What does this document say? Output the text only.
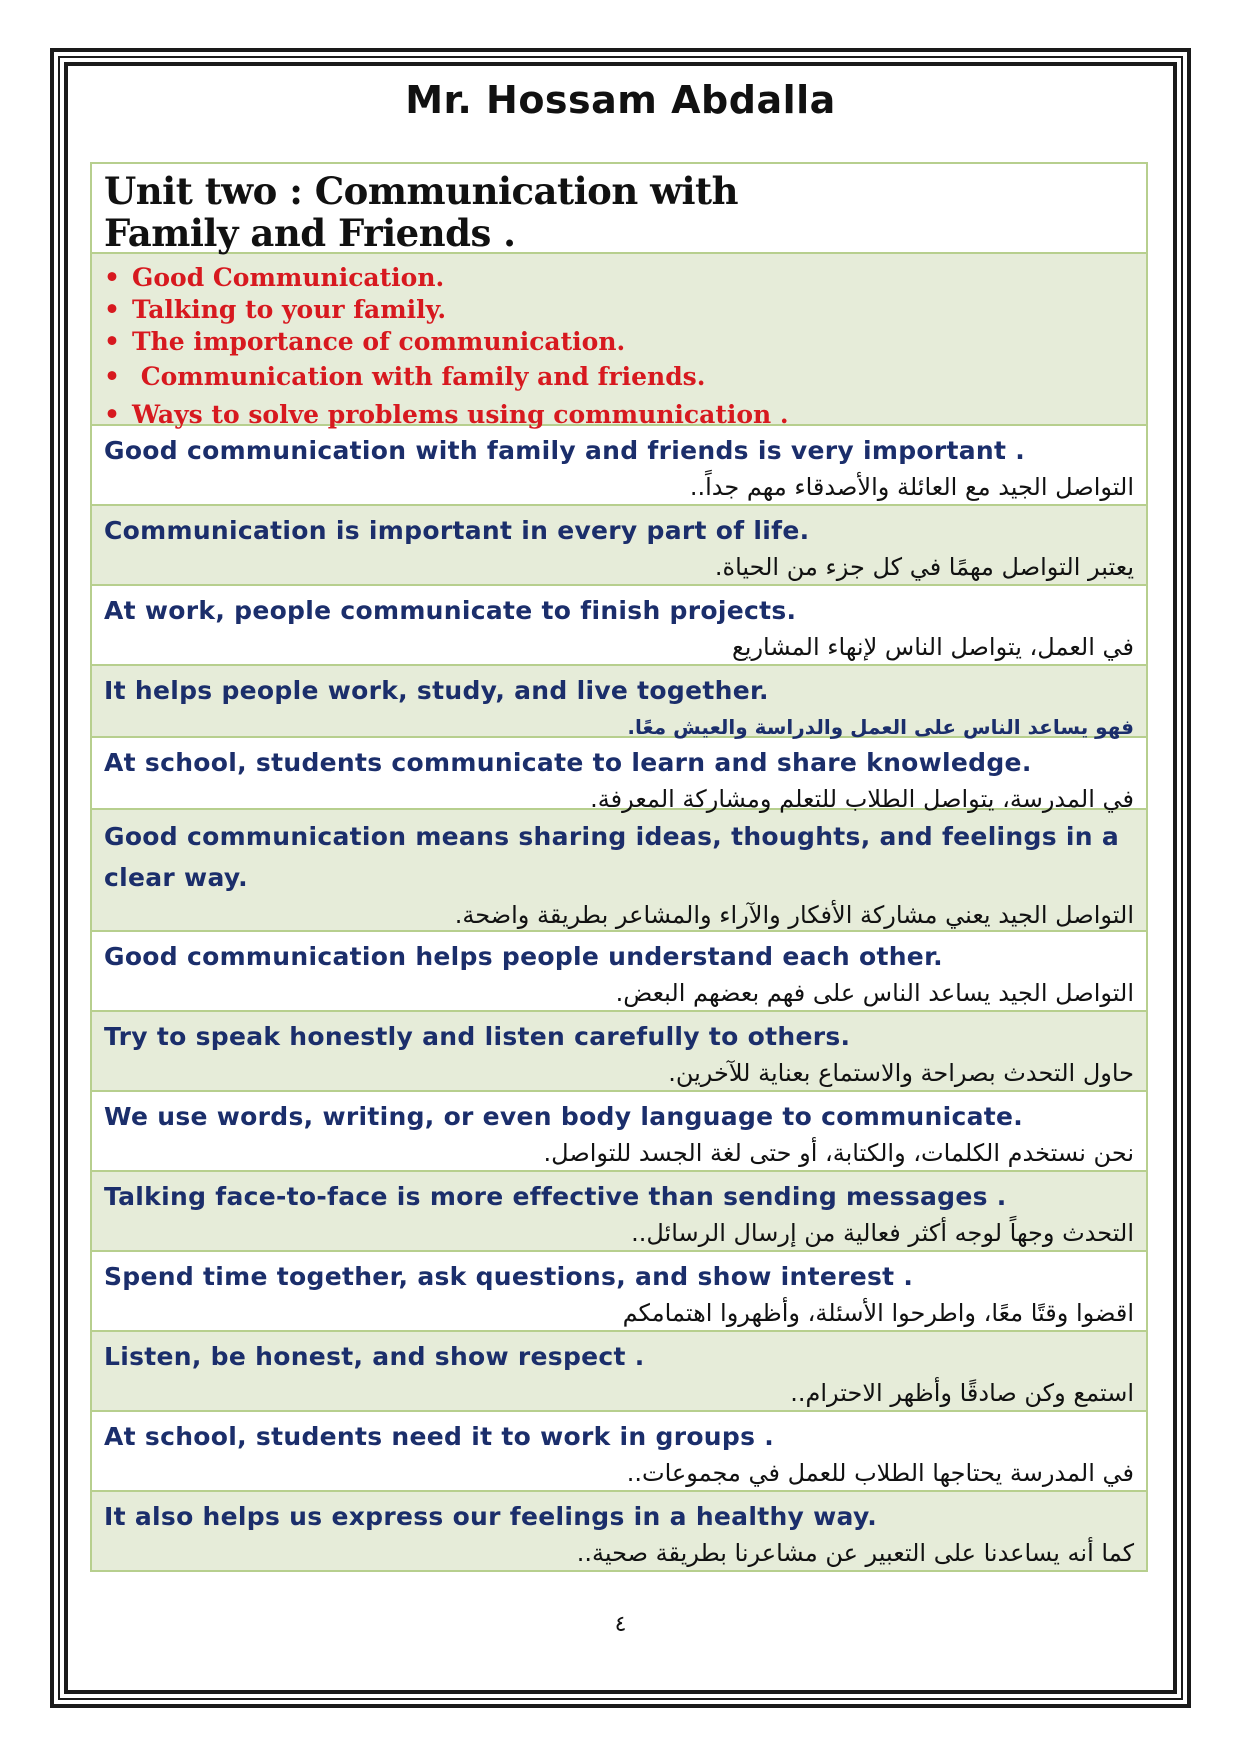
Mr. Hossam Abdalla
Unit two : Communication with
Family and Friends .
• Good Communication.
• Talking to your family.
• The importance of communication.
• Communication with family and friends.
• Ways to solve problems using communication .
Good communication with family and friends is very important .
التواصل الجيد مع العائلة والأصدقاء مهم جداً..
Communication is important in every part of life.
يعتبر التواصل مهمًا في كل جزء من الحياة.
At work, people communicate to finish projects.
في العمل، يتواصل الناس لإنهاء المشاريع
It helps people work, study, and live together.
فهو يساعد الناس على العمل والدراسة والعيش معًا.
At school, students communicate to learn and share knowledge.
في المدرسة، يتواصل الطلاب للتعلم ومشاركة المعرفة.
Good communication means sharing ideas, thoughts, and feelings in a clear way.
التواصل الجيد يعني مشاركة الأفكار والآراء والمشاعر بطريقة واضحة.
Good communication helps people understand each other.
التواصل الجيد يساعد الناس على فهم بعضهم البعض.
Try to speak honestly and listen carefully to others.
حاول التحدث بصراحة والاستماع بعناية للآخرين.
We use words, writing, or even body language to communicate.
نحن نستخدم الكلمات، والكتابة، أو حتى لغة الجسد للتواصل.
Talking face-to-face is more effective than sending messages .
التحدث وجهاً لوجه أكثر فعالية من إرسال الرسائل..
Spend time together, ask questions, and show interest .
اقضوا وقتًا معًا، واطرحوا الأسئلة، وأظهروا اهتمامكم
Listen, be honest, and show respect .
استمع وكن صادقًا وأظهر الاحترام..
At school, students need it to work in groups .
في المدرسة يحتاجها الطلاب للعمل في مجموعات..
It also helps us express our feelings in a healthy way.
كما أنه يساعدنا على التعبير عن مشاعرنا بطريقة صحية..
٤
